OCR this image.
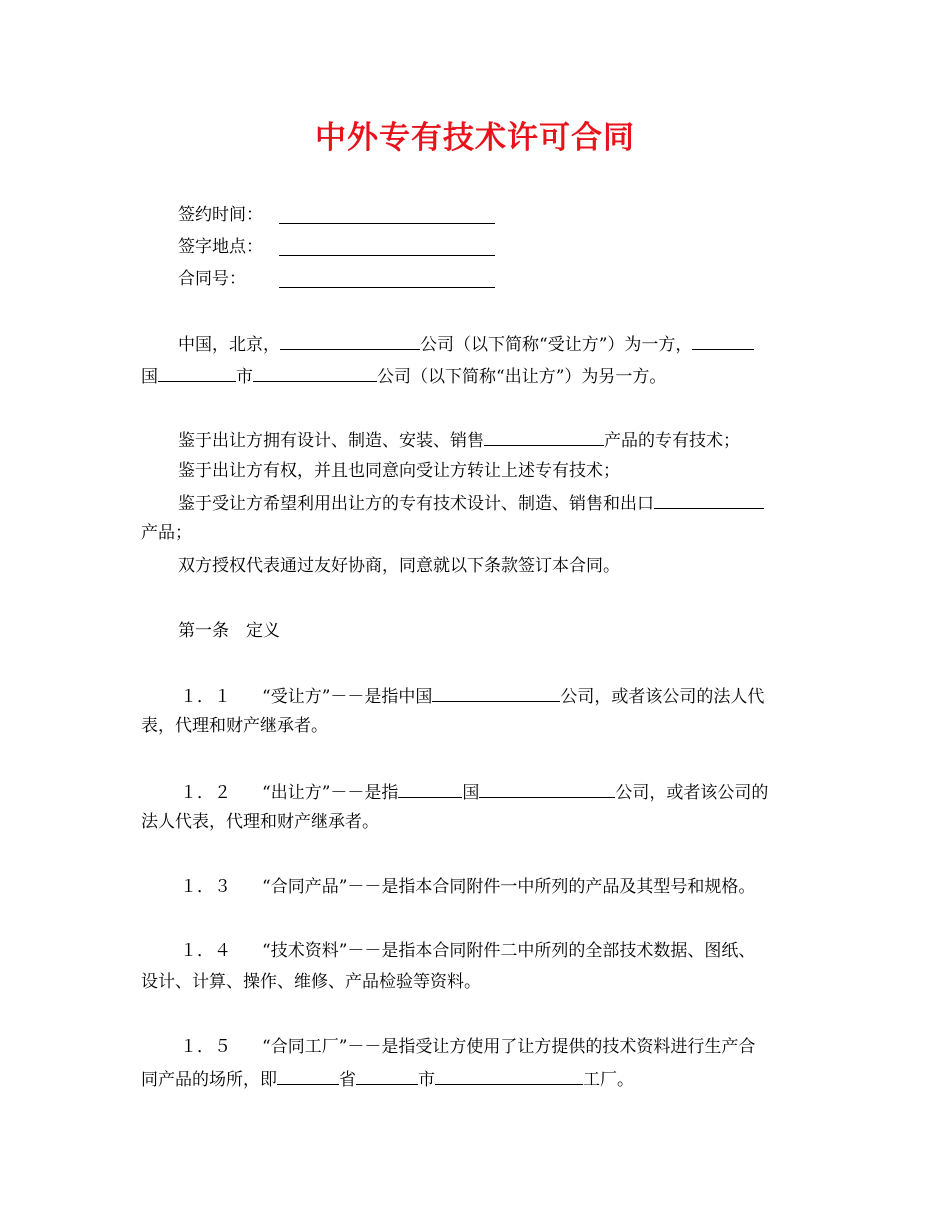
中外专有技术许可合同
签约时间：
签字地点：
合同号：
中国，北京，	公司（以下简称“受让方”）为一方，
国	市	公司（以下简称“出让方”）为另一方。
鉴于出让方拥有设计、制造、安装、销售	产品的专有技术；
鉴于出让方有权，并且也同意向受让方转让上述专有技术；
鉴于受让方希望利用出让方的专有技术设计、制造、销售和出口
产品；
双方授权代表通过友好协商，同意就以下条款签订本合同。
第一条　定义
１．１ “受让方”－－是指中国	公司，或者该公司的法人代
表，代理和财产继承者。
１．２ “出让方”－－是指	国	公司，或者该公司的
法人代表，代理和财产继承者。
１．３ “合同产品”－－是指本合同附件一中所列的产品及其型号和规格。
１．４ “技术资料”－－是指本合同附件二中所列的全部技术数据、图纸、
设计、计算、操作、维修、产品检验等资料。
１．５ “合同工厂”－－是指受让方使用了让方提供的技术资料进行生产合
同产品的场所，即	省	市	工厂。
